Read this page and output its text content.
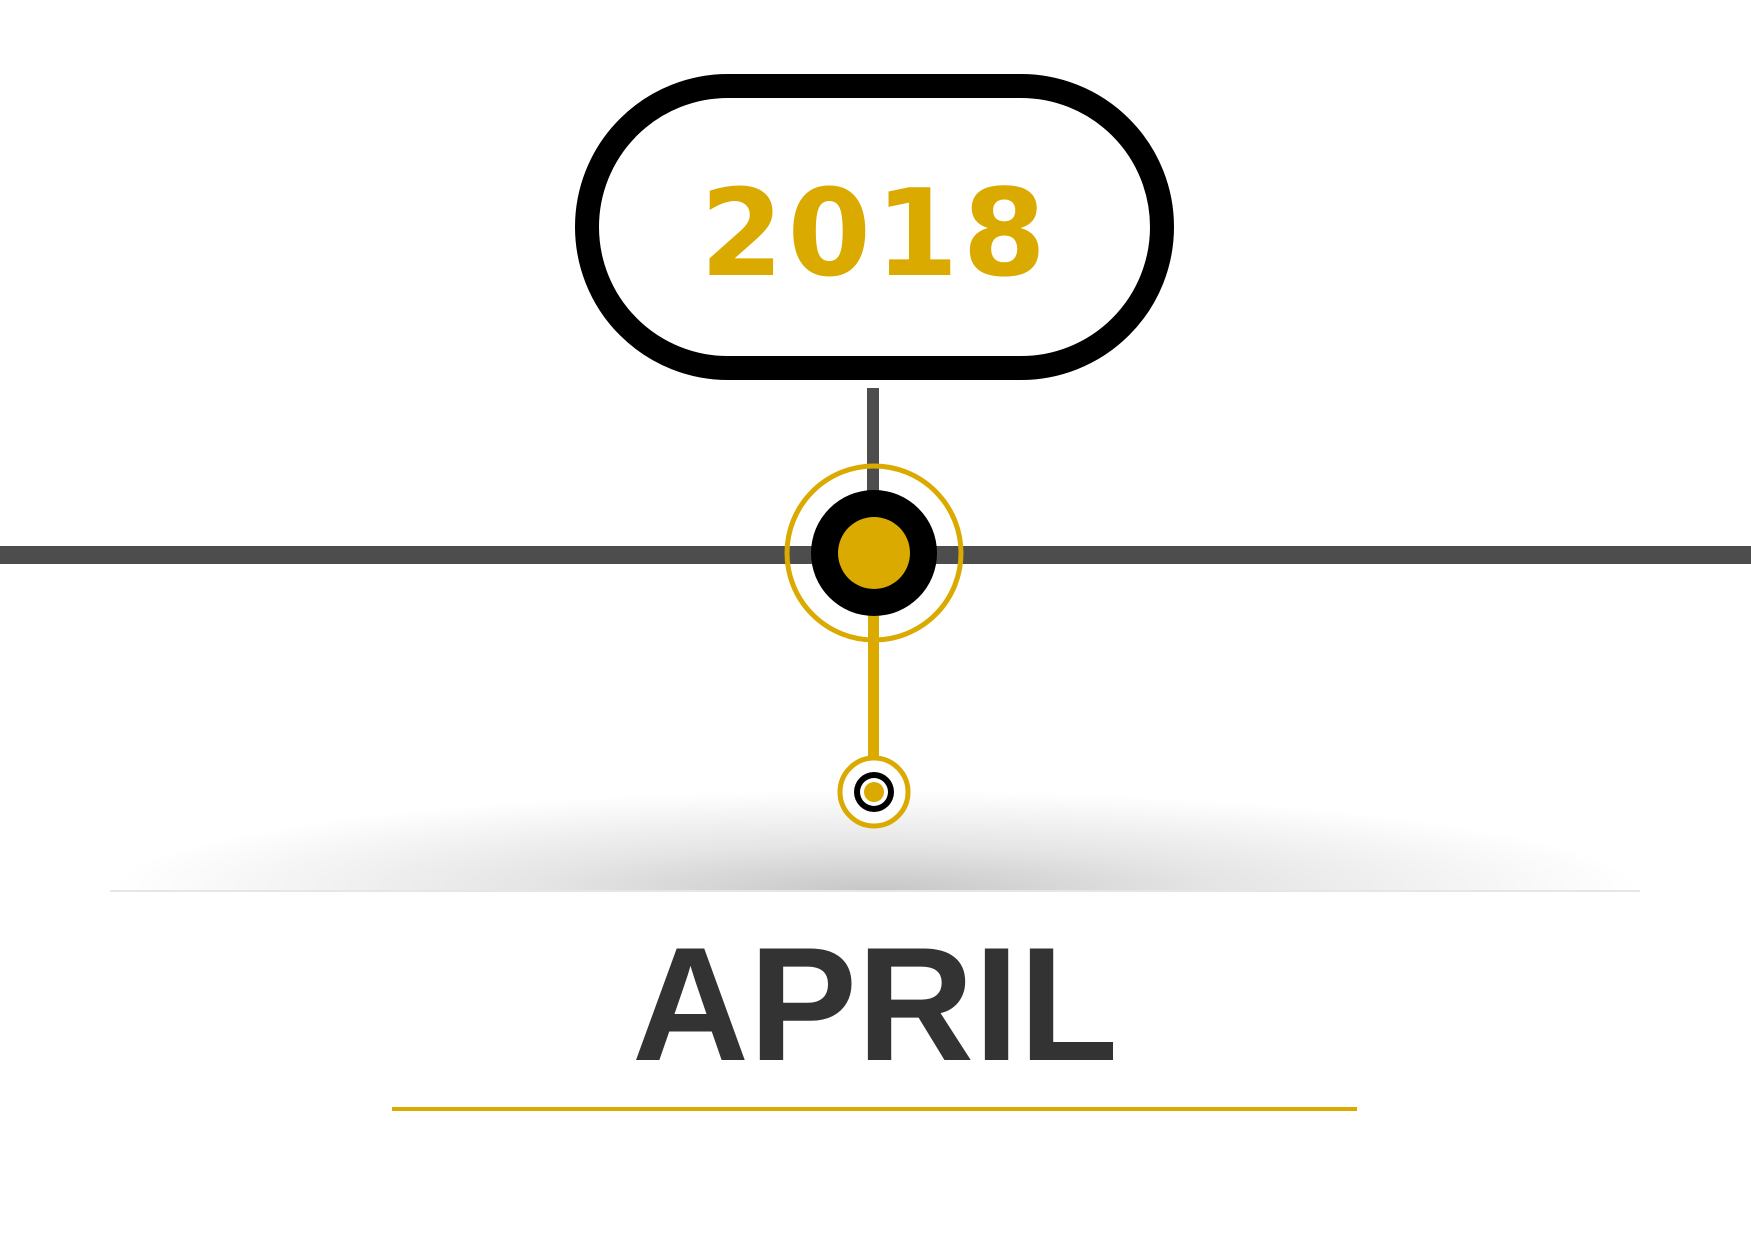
2018
APRIL
